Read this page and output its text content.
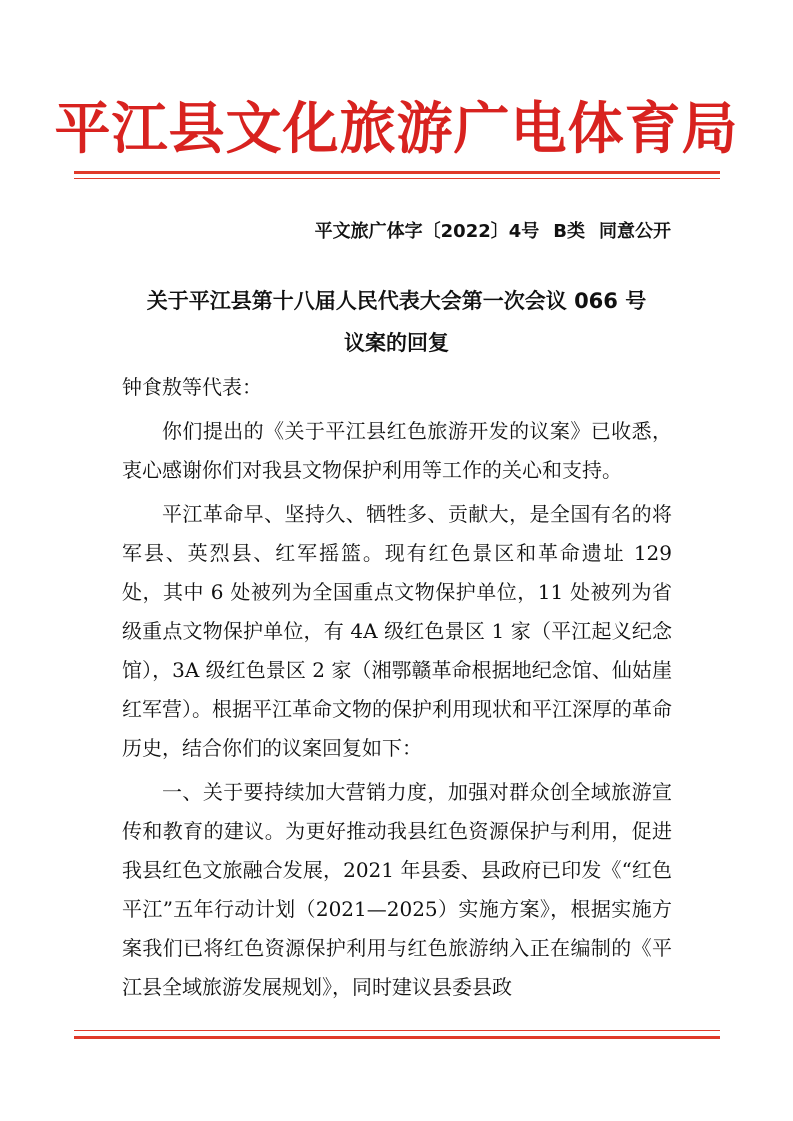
平江县文化旅游广电体育局
平文旅广体字〔2022〕4号 B类 同意公开
关于平江县第十八届人民代表大会第一次会议 066 号
议案的回复

钟食敖等代表：

你们提出的《关于平江县红色旅游开发的议案》已收悉，衷心感谢你们对我县文物保护利用等工作的关心和支持。

平江革命早、坚持久、牺牲多、贡献大，是全国有名的将军县、英烈县、红军摇篮。现有红色景区和革命遗址 129 处，其中 6 处被列为全国重点文物保护单位，11 处被列为省级重点文物保护单位，有 4A 级红色景区 1 家（平江起义纪念馆），3A 级红色景区 2 家（湘鄂赣革命根据地纪念馆、仙姑崖红军营）。根据平江革命文物的保护利用现状和平江深厚的革命历史，结合你们的议案回复如下：

一、关于要持续加大营销力度，加强对群众创全域旅游宣传和教育的建议。为更好推动我县红色资源保护与利用，促进我县红色文旅融合发展，2021 年县委、县政府已印发《“红色平江”五年行动计划（2021—2025）实施方案》，根据实施方案我们已将红色资源保护利用与红色旅游纳入正在编制的《平江县全域旅游发展规划》，同时建议县委县政
